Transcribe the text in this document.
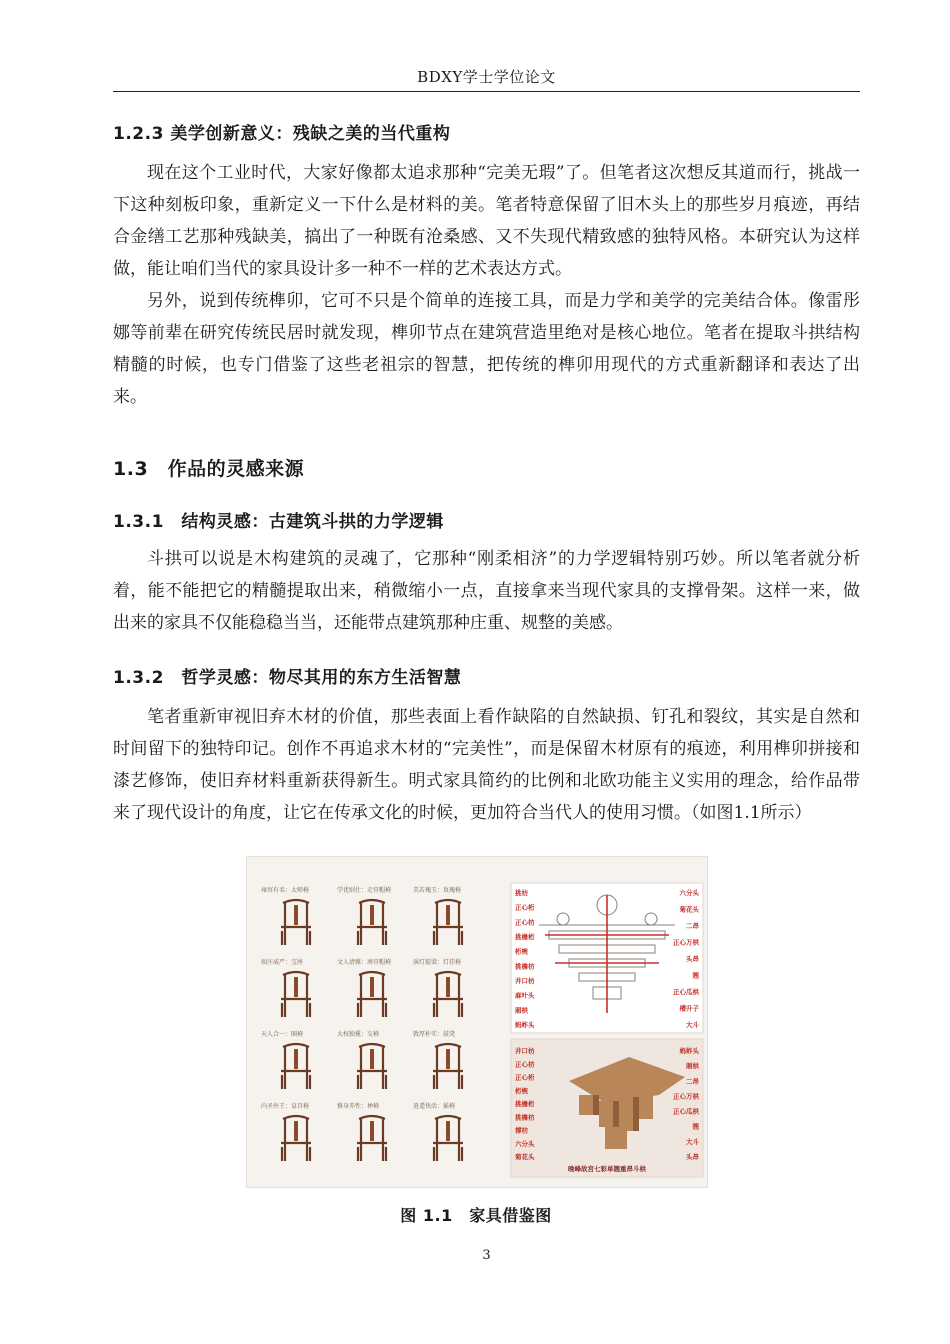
BDXY学士学位论文
1.2.3 美学创新意义：残缺之美的当代重构

现在这个工业时代，大家好像都太追求那种“完美无瑕”了。但笔者这次想反其道而行，挑战一下这种刻板印象，重新定义一下什么是材料的美。笔者特意保留了旧木头上的那些岁月痕迹，再结合金缮工艺那种残缺美，搞出了一种既有沧桑感、又不失现代精致感的独特风格。本研究认为这样做，能让咱们当代的家具设计多一种不一样的艺术表达方式。

另外，说到传统榫卯，它可不只是个简单的连接工具，而是力学和美学的完美结合体。像雷彤娜等前辈在研究传统民居时就发现，榫卯节点在建筑营造里绝对是核心地位。笔者在提取斗拱结构精髓的时候，也专门借鉴了这些老祖宗的智慧，把传统的榫卯用现代的方式重新翻译和表达了出来。

1.3　作品的灵感来源
1.3.1　结构灵感：古建筑斗拱的力学逻辑

斗拱可以说是木构建筑的灵魂了，它那种“刚柔相济”的力学逻辑特别巧妙。所以笔者就分析着，能不能把它的精髓提取出来，稍微缩小一点，直接拿来当现代家具的支撑骨架。这样一来，做出来的家具不仅能稳稳当当，还能带点建筑那种庄重、规整的美感。

1.3.2　哲学灵感：物尽其用的东方生活智慧

笔者重新审视旧弃木材的价值，那些表面上看作缺陷的自然缺损、钉孔和裂纹，其实是自然和时间留下的独特印记。创作不再追求木材的“完美性”，而是保留木材原有的痕迹，利用榫卯拼接和漆艺修饰，使旧弃材料重新获得新生。明式家具简约的比例和北欧功能主义实用的理念，给作品带来了现代设计的角度，让它在传承文化的时候，更加符合当代人的使用习惯。（如图1.1所示）

雍容有名：太师椅	学优则仕：走官帽椅	美若瑰玉：玫瑰椅
端庄威严：宝座	文人清雅：南官帽椅	演灯提梁：灯挂椅
天人合一：圈椅	大权独揽：交椅	敦厚朴实：鼓凳
内圣外王：皇宫椅	修身养性：禅椅	逍遥快活：摇椅
挑枋
正心桁
正心枋
挑檐桁
桁椀
挑檐枋
井口枋
麻叶头
厢栱
蚂蚱头
六分头
菊花头
二昂
正心万栱
头昂
翘
正心瓜栱
槽升子
大斗
井口枋
正心枋
正心桁
桁椀
挑檐桁
挑檐枋
撑枋
六分头
菊花头
蚂蚱头
厢栱
二昂
正心万栱
正心瓜栱
翘
大斗
头昂
晚峰故宫七彩单翘重昂斗栱
图 1.1　家具借鉴图
3
